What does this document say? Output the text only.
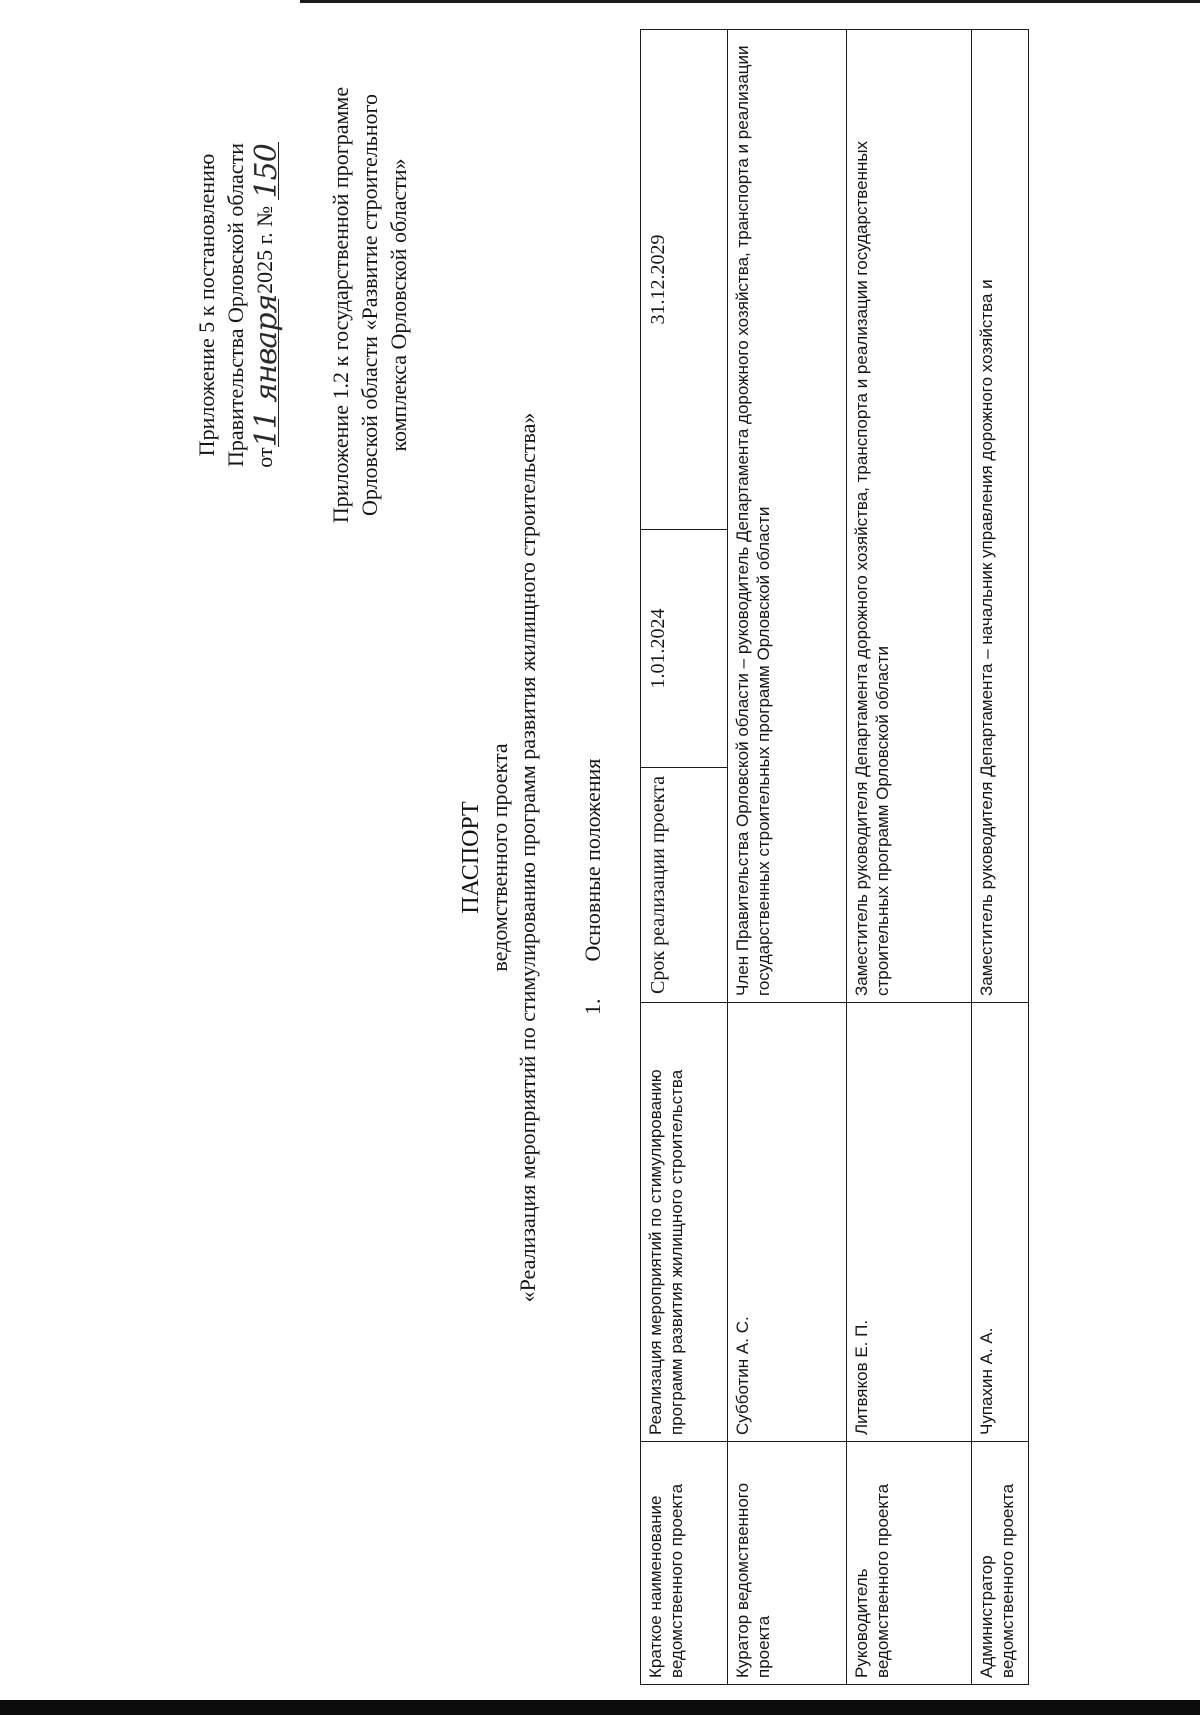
Приложение 5 к постановлению Правительства Орловской области от
11 января
2025 г. №
150 Приложение 1.2 к государственной программе Орловской области «Развитие строительного комплекса Орловской области»
ПАСПОРТ ведомственного проекта «Реализация мероприятий по стимулированию программ развития жилищного строительства» 1. Основные положения
Краткое наименование ведомственного проекта	Реализация мероприятий по стимулированию программ развития жилищного строительства	Срок реализации проекта	1.01.2024	31.12.2029
Куратор ведомственного проекта	Субботин А. С.	Член Правительства Орловской области – руководитель Департамента дорожного хозяйства, транспорта и реализации государственных строительных программ Орловской области		
Руководитель ведомственного проекта	Литвяков Е. П.	Заместитель руководителя Департамента дорожного хозяйства, транспорта и реализации государственных строительных программ Орловской области		
Администратор ведомственного проекта	Чупахин А. А.	Заместитель руководителя Департамента – начальник управления дорожного хозяйства и		
